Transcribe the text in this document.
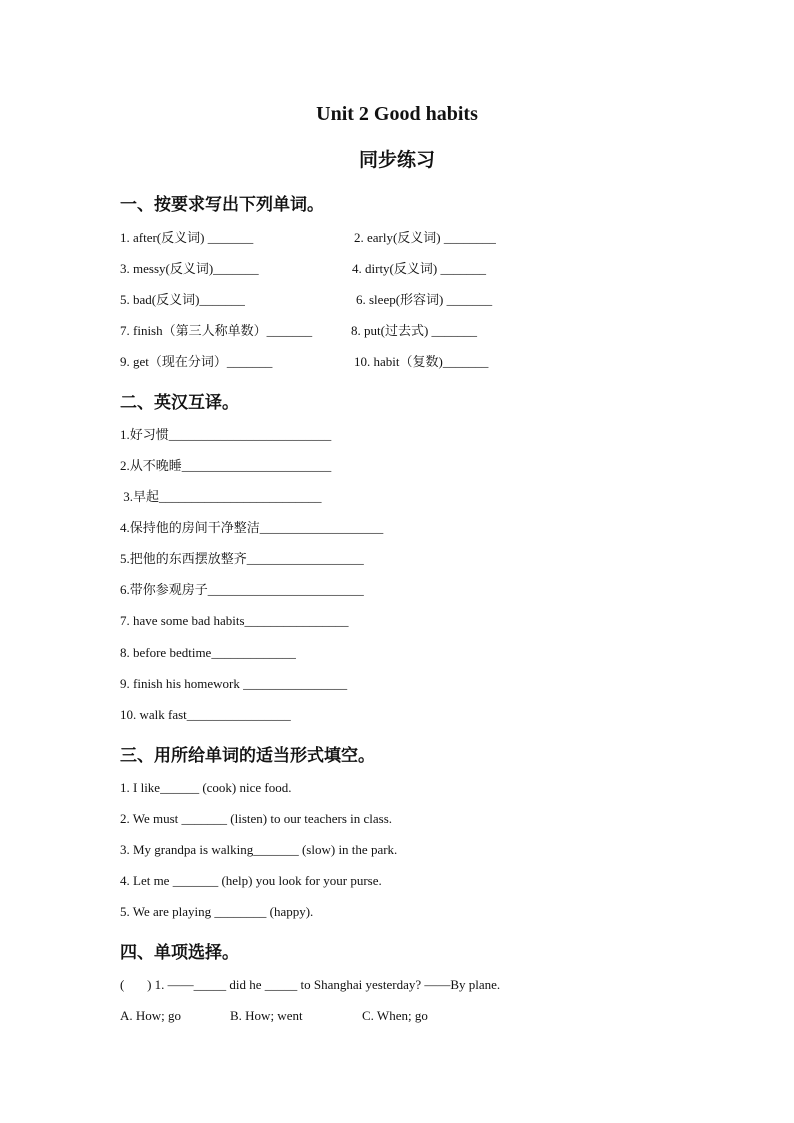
Unit 2 Good habits
同步练习
一、按要求写出下列单词。
1. after(反义词) _______	2. early(反义词) ________
3. messy(反义词)_______	4. dirty(反义词) _______
5. bad(反义词)_______	6. sleep(形容词) _______
7. finish（第三人称单数）_______	8. put(过去式) _______
9. get（现在分词）_______	10. habit（复数)_______
二、英汉互译。
1.好习惯_________________________
2.从不晚睡_______________________
3.早起_________________________
4.保持他的房间干净整洁___________________
5.把他的东西摆放整齐__________________
6.带你参观房子________________________
7. have some bad habits________________
8. before bedtime_____________
9. finish his homework ________________
10. walk fast________________
三、用所给单词的适当形式填空。
1. I like______ (cook) nice food.
2. We must _______ (listen) to our teachers in class.
3. My grandpa is walking_______ (slow) in the park.
4. Let me _______ (help) you look for your purse.
5. We are playing ________ (happy).
四、单项选择。
(       ) 1. ——_____ did he _____ to Shanghai yesterday? ——By plane.
A. How; go	B. How; went	C. When; go
